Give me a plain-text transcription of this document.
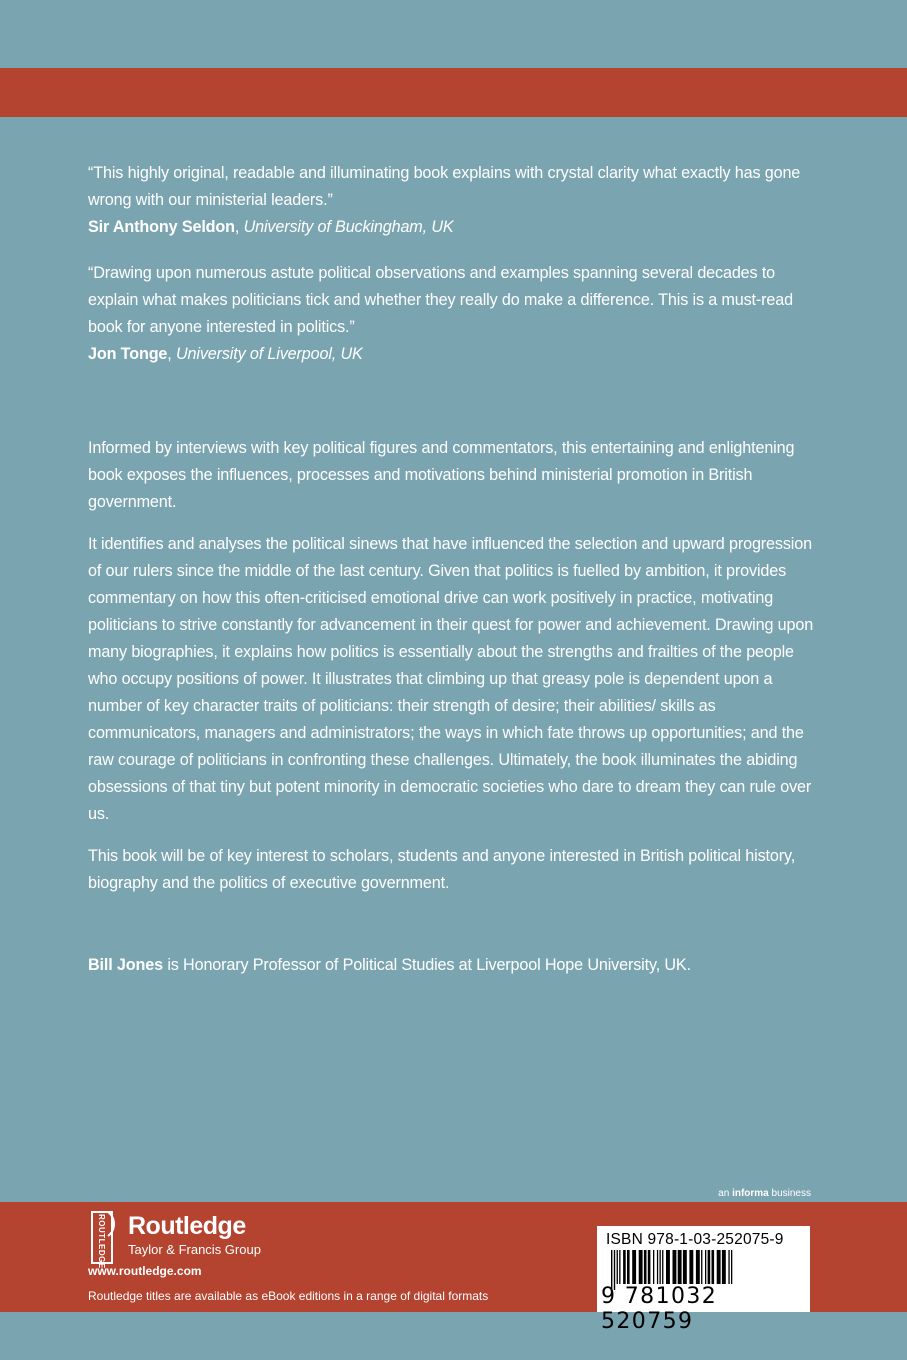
“This highly original, readable and illuminating book explains with crystal clarity what exactly has gone wrong with our ministerial leaders.”

Sir Anthony Seldon, University of Buckingham, UK

“Drawing upon numerous astute political observations and examples spanning several decades to explain what makes politicians tick and whether they really do make a difference. This is a must-read book for anyone interested in politics.”

Jon Tonge, University of Liverpool, UK

Informed by interviews with key political figures and commentators, this entertaining and enlightening book exposes the influences, processes and motivations behind ministerial promotion in British government.

It identifies and analyses the political sinews that have influenced the selection and upward progression of our rulers since the middle of the last century. Given that politics is fuelled by ambition, it provides commentary on how this often-criticised emotional drive can work positively in practice, motivating politicians to strive constantly for advancement in their quest for power and achievement. Drawing upon many biographies, it explains how politics is essentially about the strengths and frailties of the people who occupy positions of power. It illustrates that climbing up that greasy pole is dependent upon a number of key character traits of politicians: their strength of desire; their abilities/ skills as communicators, managers and administrators; the ways in which fate throws up opportunities; and the raw courage of politicians in confronting these challenges. Ultimately, the book illuminates the abiding obsessions of that tiny but potent minority in democratic societies who dare to dream they can rule over us.

This book will be of key interest to scholars, students and anyone interested in British political history, biography and the politics of executive government.

Bill Jones is Honorary Professor of Political Studies at Liverpool Hope University, UK.

an informa business
ROUTLEDGE Routledge
Taylor & Francis Group
www.routledge.com
Routledge titles are available as eBook editions in a range of digital formats
ISBN 978-1-03-252075-9
9 781032 520759
